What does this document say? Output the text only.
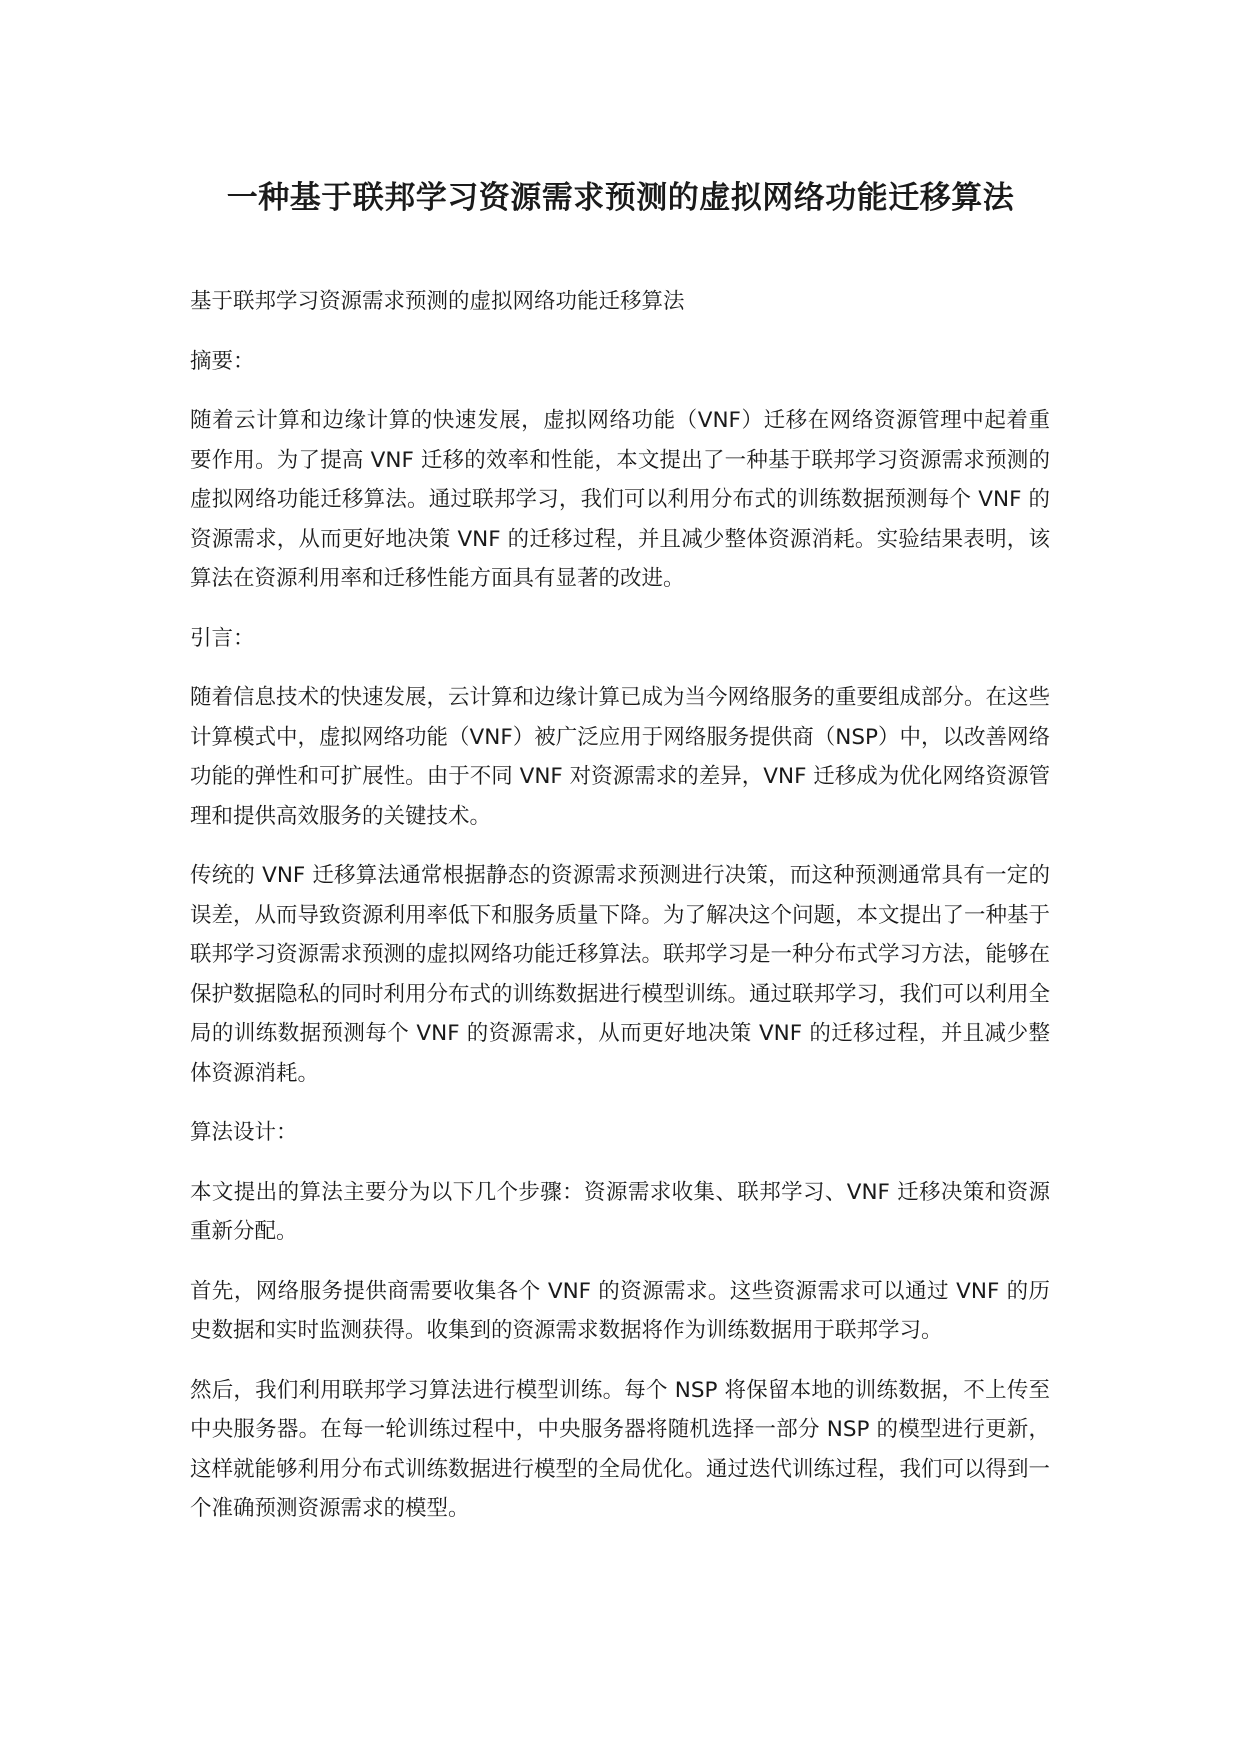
一种基于联邦学习资源需求预测的虚拟网络功能迁移算法

基于联邦学习资源需求预测的虚拟网络功能迁移算法

摘要：

随着云计算和边缘计算的快速发展，虚拟网络功能（VNF）迁移在网络资源管理中起着重要作用。为了提高 VNF 迁移的效率和性能，本文提出了一种基于联邦学习资源需求预测的虚拟网络功能迁移算法。通过联邦学习，我们可以利用分布式的训练数据预测每个 VNF 的资源需求，从而更好地决策 VNF 的迁移过程，并且减少整体资源消耗。实验结果表明，该算法在资源利用率和迁移性能方面具有显著的改进。

引言：

随着信息技术的快速发展，云计算和边缘计算已成为当今网络服务的重要组成部分。在这些计算模式中，虚拟网络功能（VNF）被广泛应用于网络服务提供商（NSP）中，以改善网络功能的弹性和可扩展性。由于不同 VNF 对资源需求的差异，VNF 迁移成为优化网络资源管理和提供高效服务的关键技术。

传统的 VNF 迁移算法通常根据静态的资源需求预测进行决策，而这种预测通常具有一定的误差，从而导致资源利用率低下和服务质量下降。为了解决这个问题，本文提出了一种基于联邦学习资源需求预测的虚拟网络功能迁移算法。联邦学习是一种分布式学习方法，能够在保护数据隐私的同时利用分布式的训练数据进行模型训练。通过联邦学习，我们可以利用全局的训练数据预测每个 VNF 的资源需求，从而更好地决策 VNF 的迁移过程，并且减少整体资源消耗。

算法设计：

本文提出的算法主要分为以下几个步骤：资源需求收集、联邦学习、VNF 迁移决策和资源重新分配。

首先，网络服务提供商需要收集各个 VNF 的资源需求。这些资源需求可以通过 VNF 的历史数据和实时监测获得。收集到的资源需求数据将作为训练数据用于联邦学习。

然后，我们利用联邦学习算法进行模型训练。每个 NSP 将保留本地的训练数据，不上传至中央服务器。在每一轮训练过程中，中央服务器将随机选择一部分 NSP 的模型进行更新，这样就能够利用分布式训练数据进行模型的全局优化。通过迭代训练过程，我们可以得到一个准确预测资源需求的模型。
